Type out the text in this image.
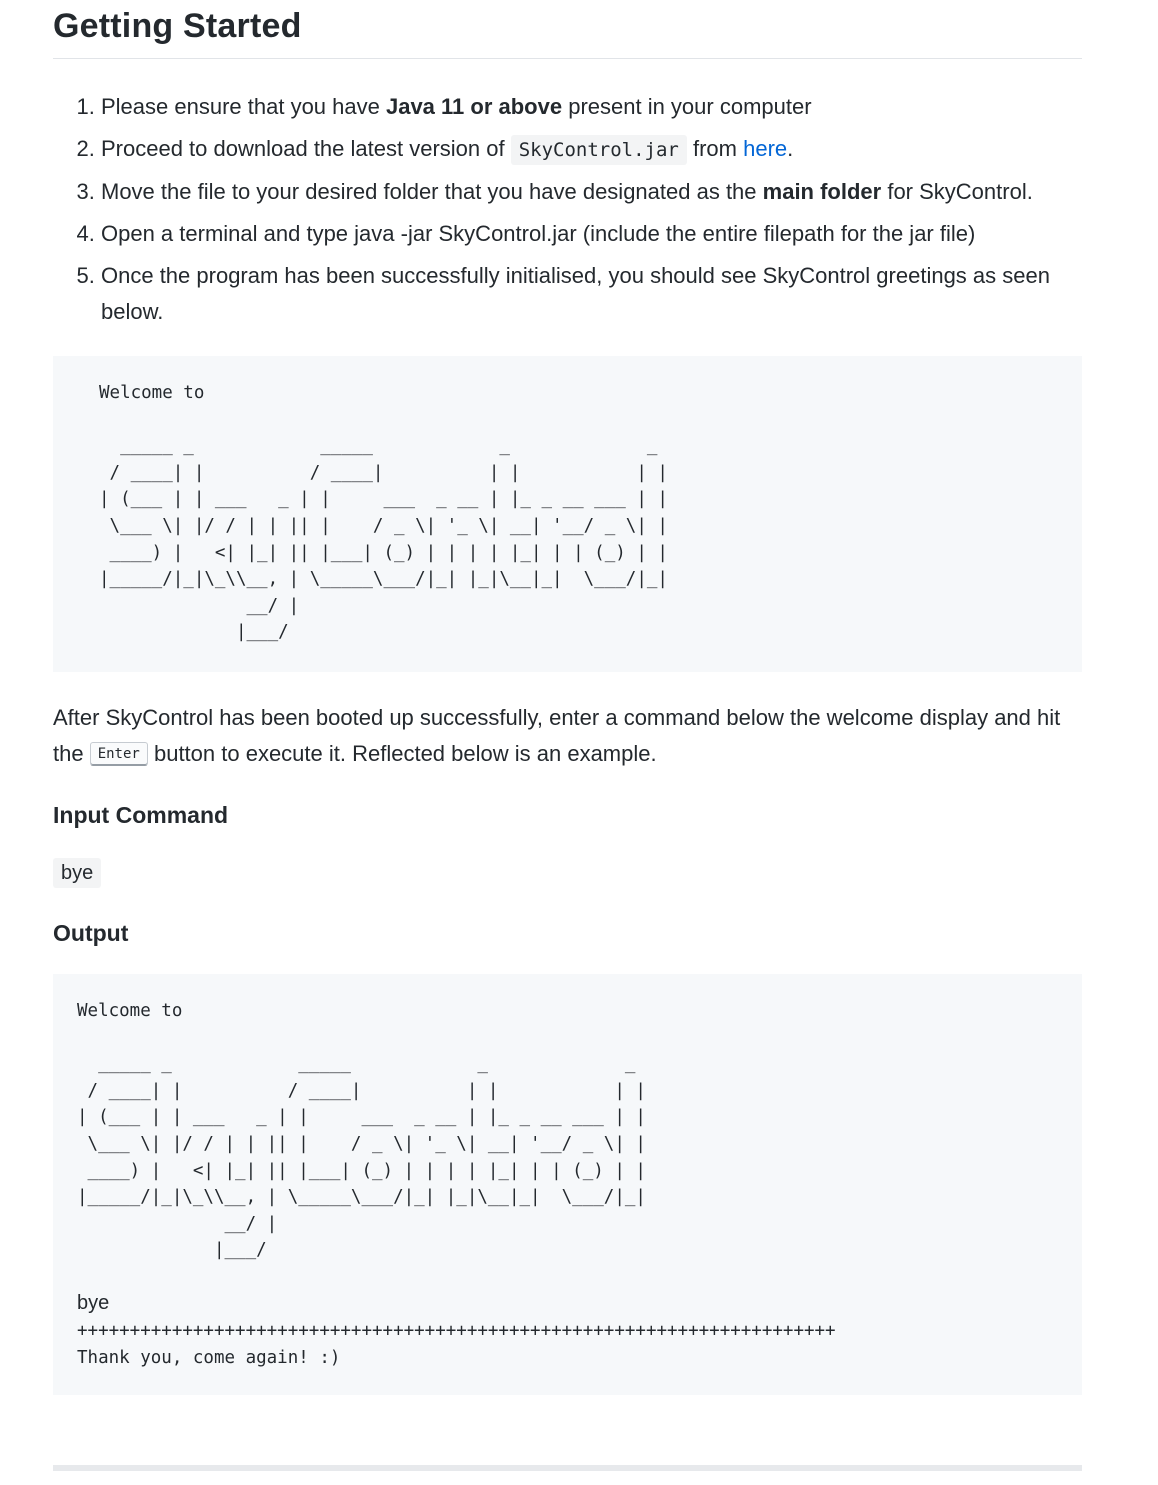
Getting Started
1. Please ensure that you have Java 11 or above present in your computer
2. Proceed to download the latest version of SkyControl.jar from here.
3. Move the file to your desired folder that you have designated as the main folder for SkyControl.
4. Open a terminal and type java -jar SkyControl.jar (include the entire filepath for the jar file)
5. Once the program has been successfully initialised, you should see SkyControl greetings as seen below.
Welcome to

_____ _            _____            _             _
/ ____| |          / ____|          | |           | |
| (___ | | ___   _ | |     ___  _ __ | |_ _ __ ___ | |
\___ \| |/ / | | || |    / _ \| '_ \| __| '__/ _ \| |
____) |   <| |_| || |___| (_) | | | | |_| | | (_) | |
|_____/|_|\_\\__, | \_____\___/|_| |_|\__|_|  \___/|_|
__/ |
|___/

After SkyControl has been booted up successfully, enter a command below the welcome display and hit the Enter button to execute it. Reflected below is an example.

Input Command
bye
Output
Welcome to

_____ _            _____            _             _
/ ____| |          / ____|          | |           | |
| (___ | | ___   _ | |     ___  _ __ | |_ _ __ ___ | |
\___ \| |/ / | | || |    / _ \| '_ \| __| '__/ _ \| |
____) |   <| |_| || |___| (_) | | | | |_| | | (_) | |
|_____/|_|\_\\__, | \_____\___/|_| |_|\__|_|  \___/|_|
__/ |
|___/

bye
++++++++++++++++++++++++++++++++++++++++++++++++++++++++++++++++++++++++
Thank you, come again! :)
